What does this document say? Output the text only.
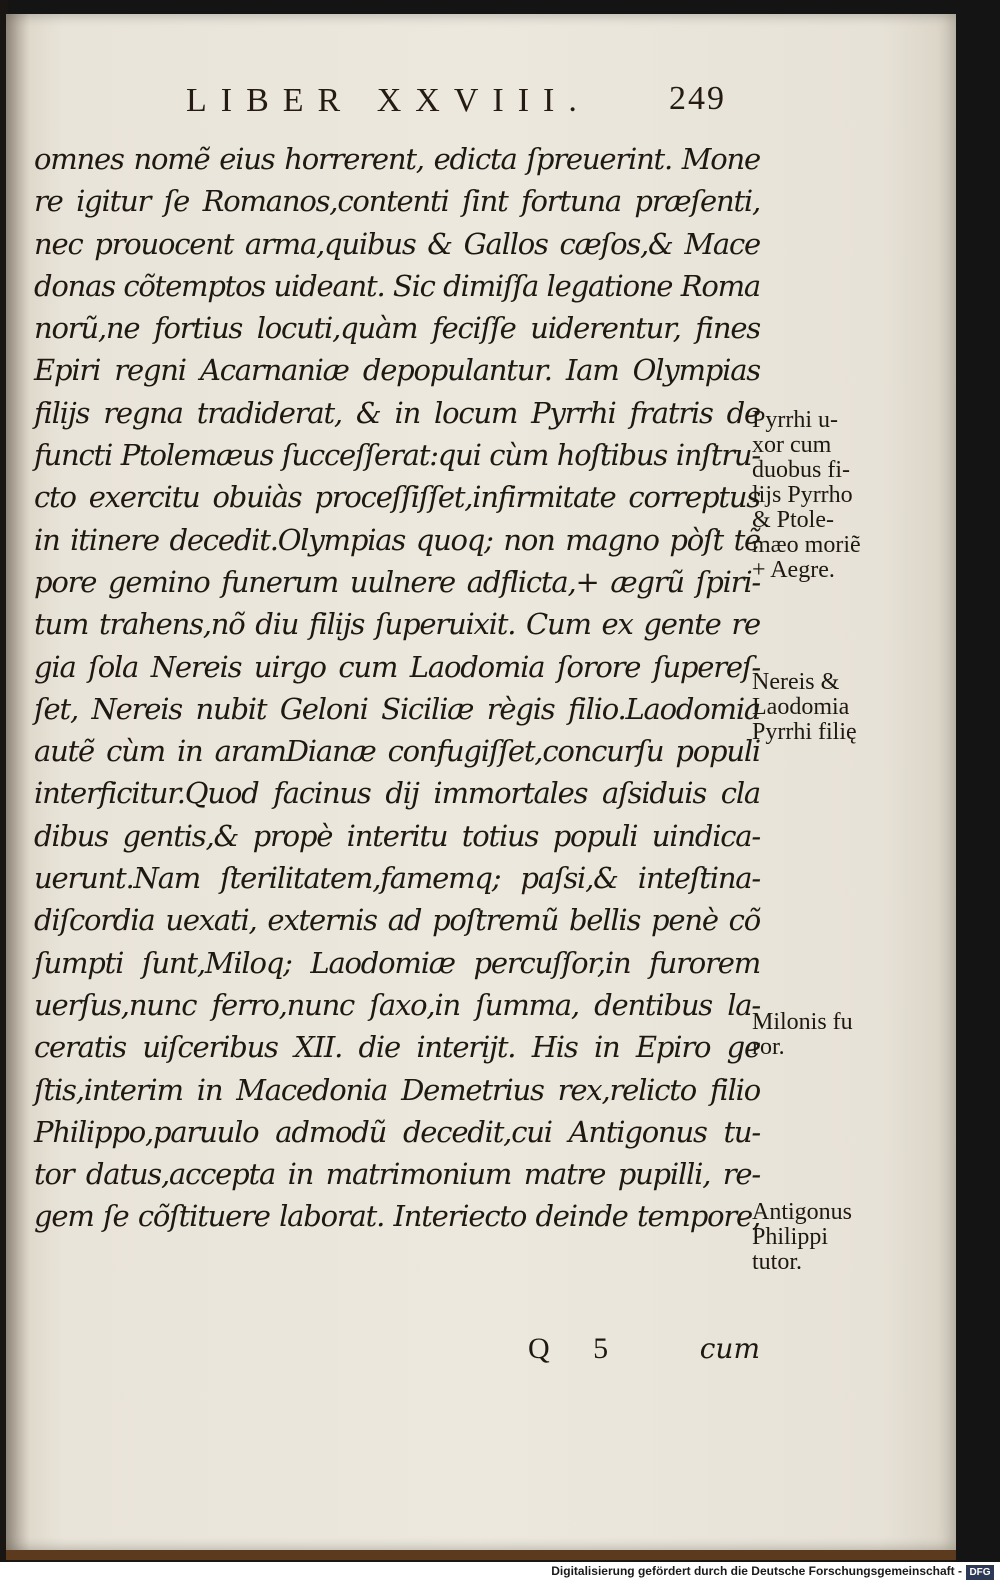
LIBER XXVIII. 249
omnes nomẽ eius horrerent, edicta ſpreuerint. Mone
re igitur ſe Romanos,contenti ſint fortuna præſenti,
nec prouocent arma,quibus & Gallos cæſos,& Mace
donas cõtemptos uideant. Sic dimiſſa legatione Roma
norũ,ne fortius locuti,quàm feciſſe uiderentur, fines
Epiri regni Acarnaniæ depopulantur. Iam Olympias
filijs regna tradiderat, & in locum Pyrrhi fratris de
functi Ptolemæus ſucceſſerat:qui cùm hoſtibus inſtru-
cto exercitu obuiàs proceſſiſſet,infirmitate correptus
in itinere decedit.Olympias quoq; non magno pòſt tẽ
pore gemino funerum uulnere adflicta,+ ægrũ ſpiri-
tum trahens,nõ diu filijs ſuperuixit. Cum ex gente re
gia ſola Nereis uirgo cum Laodomia ſorore ſupereſ-
ſet, Nereis nubit Geloni Siciliæ règis filio.Laodomia
autẽ cùm in aramDianæ confugiſſet,concurſu populi
interficitur.Quod facinus dij immortales aſsiduis cla
dibus gentis,& propè interitu totius populi uindica-
uerunt.Nam ſterilitatem,famemq; paſsi,& inteſtina-
diſcordia uexati, externis ad poſtremũ bellis penè cõ
ſumpti ſunt,Miloq; Laodomiæ percuſſor,in furorem
uerſus,nunc ferro,nunc ſaxo,in ſumma, dentibus la-
ceratis uiſceribus XII. die interijt. His in Epiro ge
ſtis,interim in Macedonia Demetrius rex,relicto filio
Philippo,paruulo admodũ decedit,cui Antigonus tu-
tor datus,accepta in matrimonium matre pupilli, re-
gem ſe cõſtituere laborat. Interiecto deinde tempore,
Pyrrhi u-
xor cum
duobus fi-
lijs Pyrrho
& Ptole-
mæo moriẽ
+ Aegre.
Nereis &
Laodomia
Pyrrhi filię
Milonis fu
ror.
Antigonus
Philippi
tutor.
Q 5	cum
Digitalisierung gefördert durch die Deutsche Forschungsgemeinschaft - DFG
